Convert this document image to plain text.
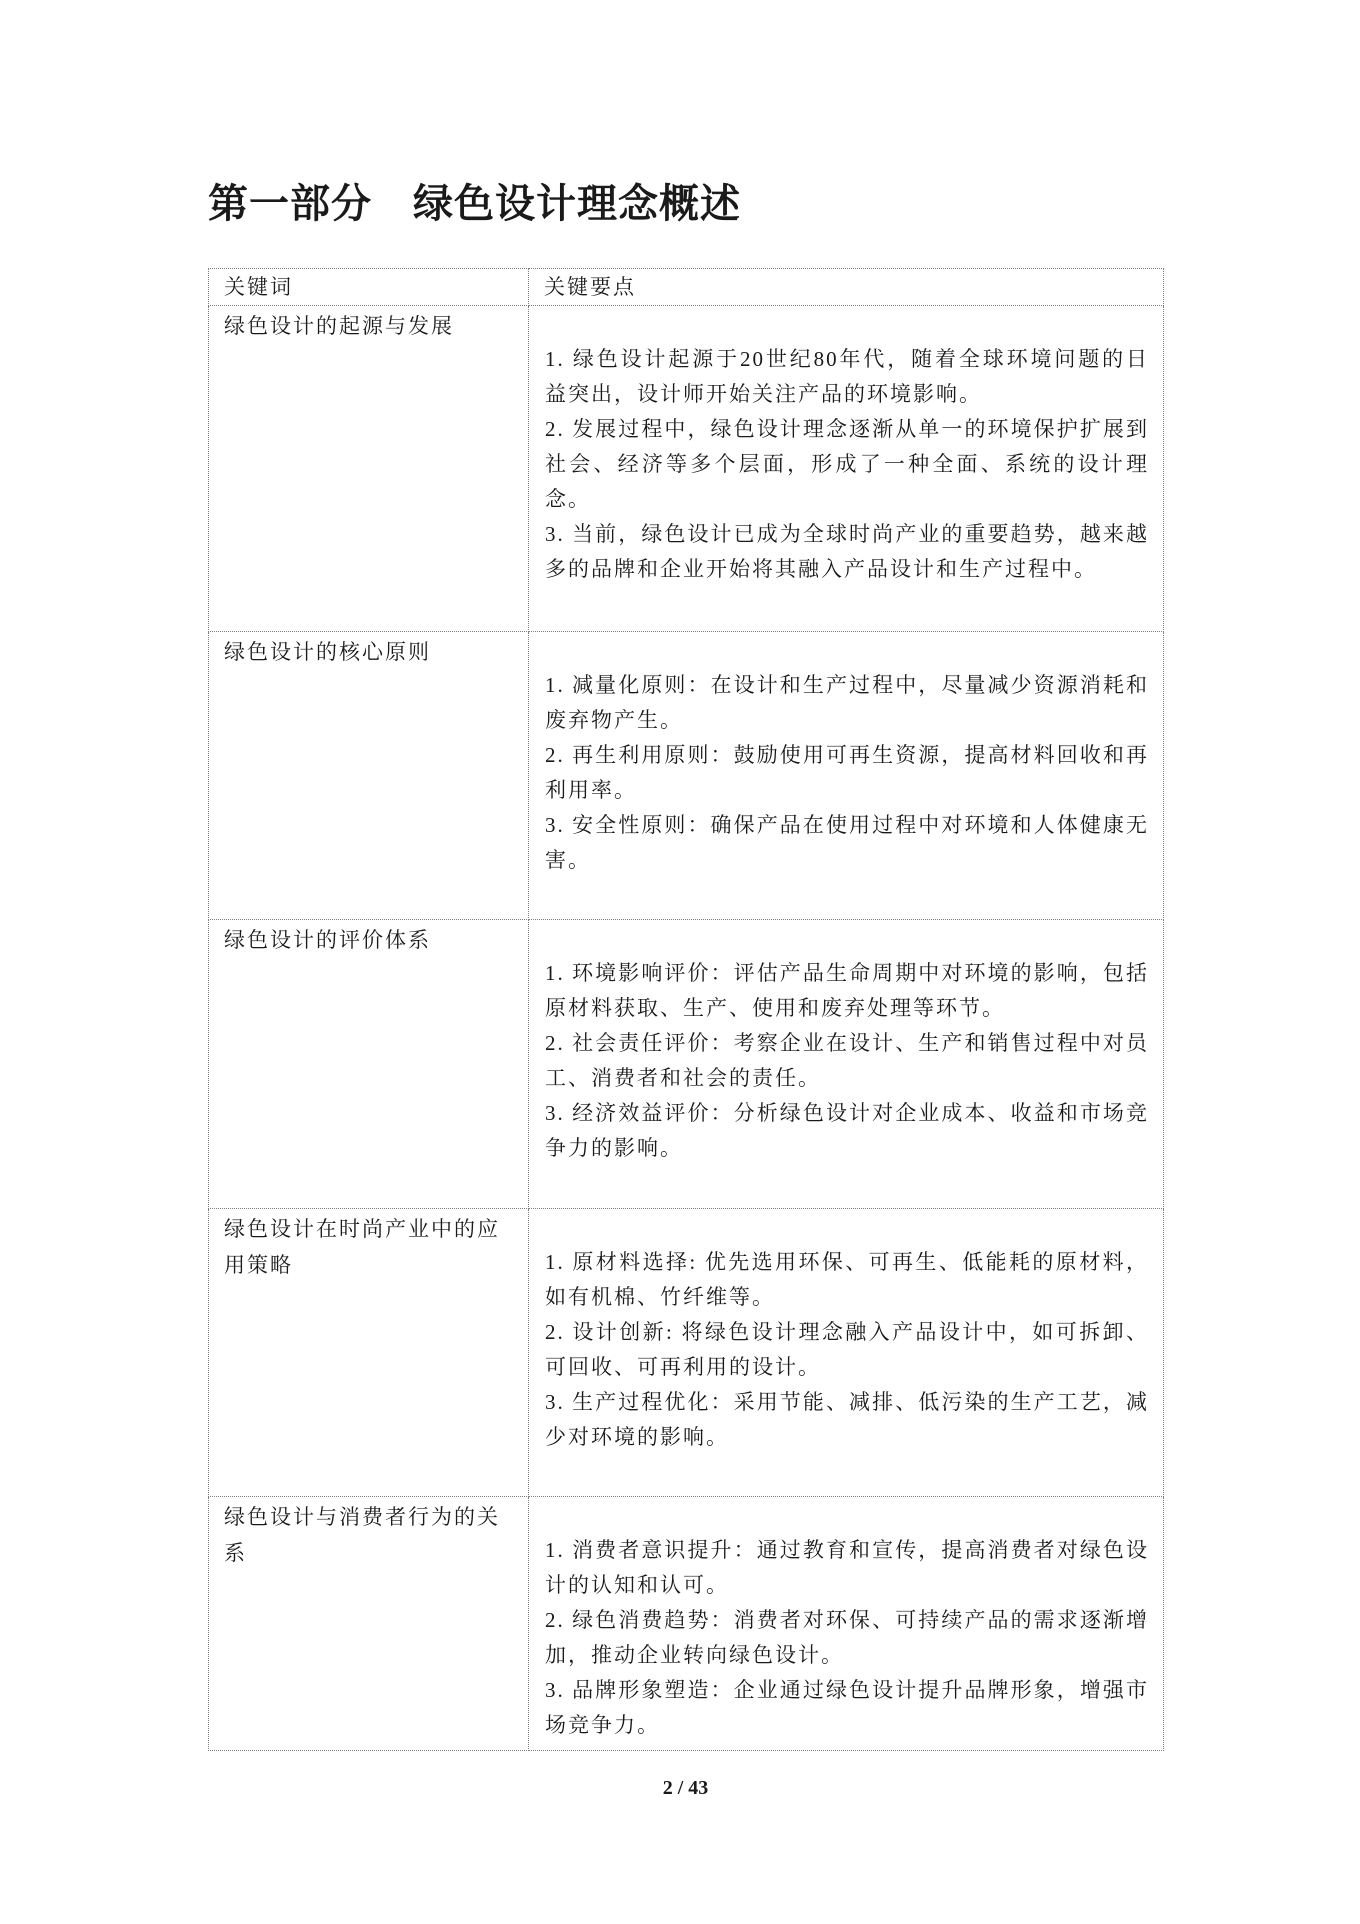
第一部分　绿色设计理念概述
关键词	关键要点
绿色设计的起源与发展	1. 绿色设计起源于20世纪80年代，随着全球环境问题的日益突出，设计师开始关注产品的环境影响。

2. 发展过程中，绿色设计理念逐渐从单一的环境保护扩展到社会、经济等多个层面，形成了一种全面、系统的设计理念。

3. 当前，绿色设计已成为全球时尚产业的重要趋势，越来越多的品牌和企业开始将其融入产品设计和生产过程中。

绿色设计的核心原则	1. 减量化原则：在设计和生产过程中，尽量减少资源消耗和废弃物产生。

2. 再生利用原则：鼓励使用可再生资源，提高材料回收和再利用率。

3. 安全性原则：确保产品在使用过程中对环境和人体健康无害。

绿色设计的评价体系	1. 环境影响评价：评估产品生命周期中对环境的影响，包括原材料获取、生产、使用和废弃处理等环节。

2. 社会责任评价：考察企业在设计、生产和销售过程中对员工、消费者和社会的责任。

3. 经济效益评价：分析绿色设计对企业成本、收益和市场竞争力的影响。

绿色设计在时尚产业中的应用策略	1. 原材料选择: 优先选用环保、可再生、低能耗的原材料，如有机棉、竹纤维等。

2. 设计创新: 将绿色设计理念融入产品设计中，如可拆卸、可回收、可再利用的设计。

3. 生产过程优化：采用节能、减排、低污染的生产工艺，减少对环境的影响。

绿色设计与消费者行为的关系	1. 消费者意识提升：通过教育和宣传，提高消费者对绿色设计的认知和认可。

2. 绿色消费趋势：消费者对环保、可持续产品的需求逐渐增加，推动企业转向绿色设计。

3. 品牌形象塑造：企业通过绿色设计提升品牌形象，增强市场竞争力。

2 / 43
